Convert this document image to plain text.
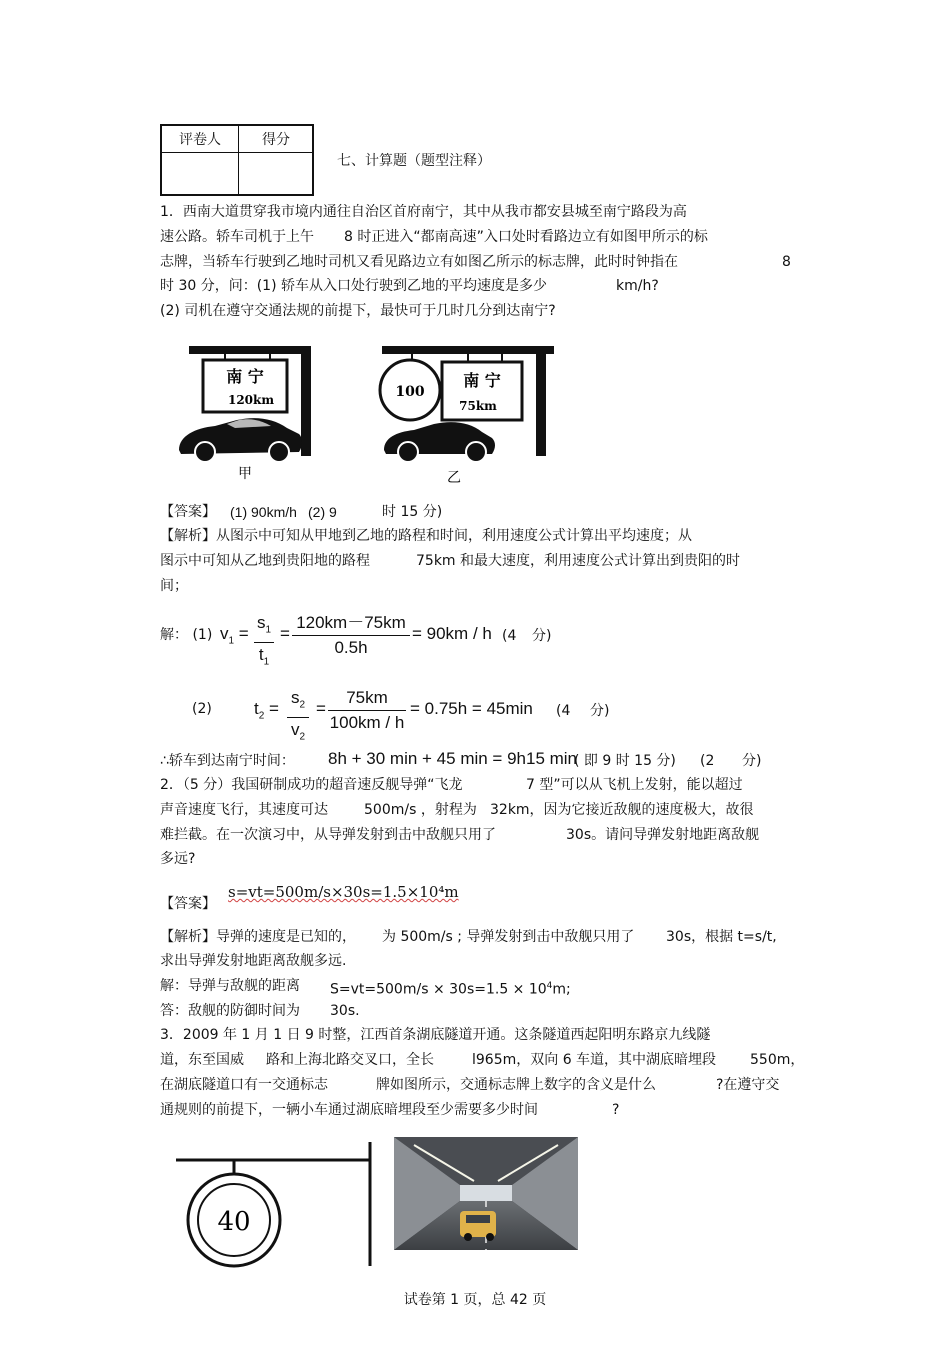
评卷人	得分
七、计算题（题型注释）
1．西南大道贯穿我市境内通往自治区首府南宁，其中从我市都安县城至南宁路段为高
速公路。轿车司机于上午 8 时正进入“都南高速”入口处时看路边立有如图甲所示的标
志牌，当轿车行驶到乙地时司机又看见路边立有如图乙所示的标志牌，此时时钟指在	8
时 30 分，问：(1) 轿车从入口处行驶到乙地的平均速度是多少	km/h?
(2) 司机在遵守交通法规的前提下，最快可于几时几分到达南宁?
南 宁
120km
甲
100
南 宁
75km
乙
【答案】 (1) 90km/h (2) 9	时 15 分)
【解析】从图示中可知从甲地到乙地的路程和时间，利用速度公式计算出平均速度；从
图示中可知从乙地到贵阳地的路程	75km 和最大速度，利用速度公式计算出到贵阳的时
间；
解： (1) $v_1$ =
$s_1$
$t_1$
=
120km－75km
0.5h
= 90km / h (4 分)
(2) $t_2$ =
$s_2$
$v_2$
=
75km
100km / h
= 0.75h = 45min (4 分)
∴轿车到达南宁时间： 8h + 30 min + 45 min = 9h15 min
( 即 9 时 15 分) (2 分)
2．（5 分）我国研制成功的超音速反舰导弹“飞龙	7 型”可以从飞机上发射，能以超过
声音速度飞行，其速度可达	500m/s ，射程为 32km，因为它接近敌舰的速度极大，故很
难拦截。在一次演习中，从导弹发射到击中敌舰只用了	30s。请问导弹发射地距离敌舰
多远?
【答案】
s=vt=500m/s×30s=1.5×10⁴m
【解析】导弹的速度是已知的， 为 500m/s ; 导弹发射到击中敌舰只用了 30s，根据 t=s/t,
求出导弹发射地距离敌舰多远.
解：导弹与敌舰的距离 $S=vt=500m/s \times 30s=1.5 \times 10^4m$;
答：敌舰的防御时间为 30s.
3．2009 年 1 月 1 日 9 时整，江西首条湖底隧道开通。这条隧道西起阳明东路京九线隧
道，东至国威 路和上海北路交叉口，全长	l965m，双向 6 车道，其中湖底暗埋段 550m，
在湖底隧道口有一交通标志	牌如图所示，交通标志牌上数字的含义是什么	?在遵守交
通规则的前提下，一辆小车通过湖底暗埋段至少需要多少时间	?
40
试卷第 1 页，总 42 页
